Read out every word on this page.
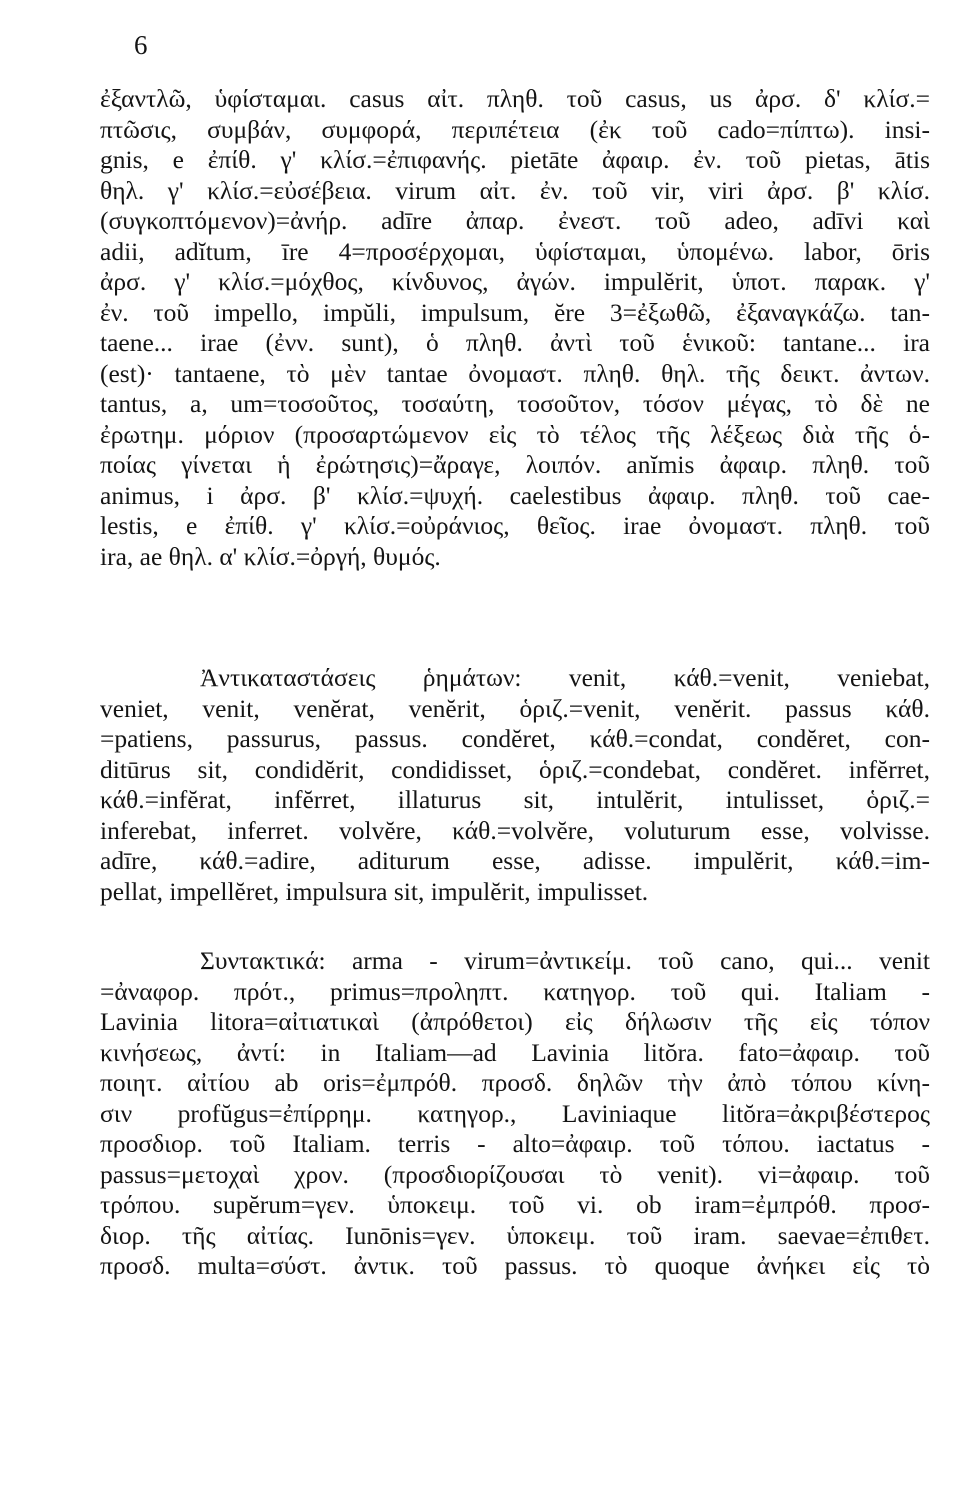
6
ἐξαντλῶ, ὑφίσταμαι. casus αἰτ. πληθ. τοῦ casus, us ἀρσ. δ' κλίσ.=
πτῶσις, συμβάν, συμφορά, περιπέτεια (ἐκ τοῦ cado=πίπτω). insi-
gnis, e ἐπίθ. γ' κλίσ.=ἐπιφανής. pietāte ἀφαιρ. ἐν. τοῦ pietas, ātis
θηλ. γ' κλίσ.=εὐσέβεια. virum αἰτ. ἐν. τοῦ vir, viri ἀρσ. β' κλίσ.
(συγκοπτόμενον)=ἀνήρ. adīre ἀπαρ. ἐνεστ. τοῦ adeo, adīvi καὶ
adii, adĭtum, īre 4=προσέρχομαι, ὑφίσταμαι, ὑπομένω. labor, ōris
ἀρσ. γ' κλίσ.=μόχθος, κίνδυνος, ἀγών. impulĕrit, ὑποτ. παρακ. γ'
ἐν. τοῦ impello, impŭli, impulsum, ĕre 3=ἐξωθῶ, ἐξαναγκάζω. tan-
taene... irae (ἐνν. sunt), ὁ πληθ. ἀντὶ τοῦ ἑνικοῦ: tantane... ira
(est)· tantaene, τὸ μὲν tantae ὀνομαστ. πληθ. θηλ. τῆς δεικτ. ἀντων.
tantus, a, um=τοσοῦτος, τοσαύτη, τοσοῦτον, τόσον μέγας, τὸ δὲ ne
ἐρωτημ. μόριον (προσαρτώμενον εἰς τὸ τέλος τῆς λέξεως διὰ τῆς ὁ-
ποίας γίνεται ἡ ἐρώτησις)=ἄραγε, λοιπόν. anĭmis ἀφαιρ. πληθ. τοῦ
animus, i ἀρσ. β' κλίσ.=ψυχή. caelestibus ἀφαιρ. πληθ. τοῦ cae-
lestis, e ἐπίθ. γ' κλίσ.=οὐράνιος, θεῖος. irae ὀνομαστ. πληθ. τοῦ
ira, ae θηλ. α' κλίσ.=ὀργή, θυμός.
Ἀντικαταστάσεις ῥημάτων: venit, κάθ.=venit, veniebat,
veniet, venit, venĕrat, venĕrit, ὁριζ.=venit, venĕrit. passus κάθ.
=patiens, passurus, passus. condĕret, κάθ.=condat, condĕret, con-
ditūrus sit, condidĕrit, condidisset, ὁριζ.=condebat, condĕret. infĕrret,
κάθ.=infĕrat, infĕrret, illaturus sit, intulĕrit, intulisset, ὁριζ.=
inferebat, inferret. volvĕre, κάθ.=volvĕre, voluturum esse, volvisse.
adīre, κάθ.=adire, aditurum esse, adisse. impulĕrit, κάθ.=im-
pellat, impellĕret, impulsura sit, impulĕrit, impulisset.
Συντακτικά: arma - virum=ἀντικείμ. τοῦ cano, qui... venit
=ἀναφορ. πρότ., primus=προληπτ. κατηγορ. τοῦ qui. Italiam -
Lavinia litora=αἰτιατικαὶ (ἀπρόθετοι) εἰς δήλωσιν τῆς εἰς τόπον
κινήσεως, ἀντί: in Italiam—ad Lavinia litŏra. fato=ἀφαιρ. τοῦ
ποιητ. αἰτίου ab oris=ἐμπρόθ. προσδ. δηλῶν τὴν ἀπὸ τόπου κίνη-
σιν profŭgus=ἐπίρρημ. κατηγορ., Laviniaque litŏra=ἀκριβέστερος
προσδιορ. τοῦ Italiam. terris - alto=ἀφαιρ. τοῦ τόπου. iactatus -
passus=μετοχαὶ χρον. (προσδιορίζουσαι τὸ venit). vi=ἀφαιρ. τοῦ
τρόπου. supĕrum=γεν. ὑποκειμ. τοῦ vi. ob iram=ἐμπρόθ. προσ-
διορ. τῆς αἰτίας. Iunōnis=γεν. ὑποκειμ. τοῦ iram. saevae=ἐπιθετ.
προσδ. multa=σύστ. ἀντικ. τοῦ passus. τὸ quoque ἀνήκει εἰς τὸ
